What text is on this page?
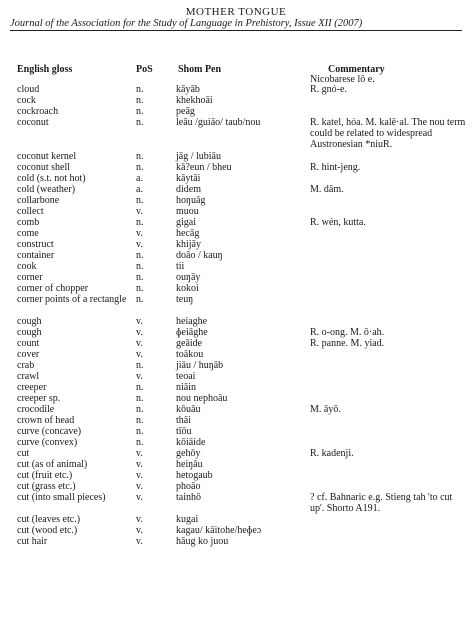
MOTHER TONGUE
Journal of the Association for the Study of Language in Prehistory, Issue XII (2007)
English gloss	PoS	Shom Pen	Commentary
Nicobarese lô e.
cloud	n.	kāyāb	R. gnó-e.
cock	n.	khekhoāi
cockroach	n.	peāg
coconut	n.	leāu /guiāo/ taub/nou	R. katel, hóa. M. kalē·al. The nou term could be related to widespread Austronesian *niuR.
coconut kernel	n.	jāg / lubiāu
coconut shell	n.	kā?eun / bheu	R. hint-jeng.
cold (s.t. not hot)	a.	kāytāi
cold (weather)	a.	didem	M. dâm.
collarbone	n.	hoŋuāg
collect	v.	muou
comb	n.	gigai	R. wén, kutta.
come	v.	hecāg
construct	v.	khijāy
container	n.	doāo / kauŋ
cook	n.	tii
corner	n.	ouŋāy
corner of chopper	n.	kokoi
corner points of a rectangle n.	teuŋ
cough	v.	heiaghe
cough	v.	ɸeiāghe	R. o-ong. M. ō·ah.
count	v.	geāide	R. panne. M. yiad.
cover	v.	toākou
crab	n.	jiāu / huŋāb
crawl	v.	teoai
creeper	n.	niāin
creeper sp.	n.	nou nephoāu
crocodile	n.	kōuāu	M. āyō.
crown of head	n.	thāi
curve (concave)	n.	tīōu
curve (convex)	n.	kōiāide
cut	v.	gehōy	R. kadenji.
cut (as of animal)	v.	heiŋāu
cut (fruit etc.)	v.	hetogaub
cut (grass etc.)	v.	phoāo
cut (into small pieces)	v.	tainhō	? cf. Bahnaric e.g. Stieng tah 'to cut up'. Shorto A191.
cut (leaves etc.)	v.	kugai
cut (wood etc.)	v.	kagau/ kāitohe/heɸeɔ
cut hair	v.	hāug ko juou
